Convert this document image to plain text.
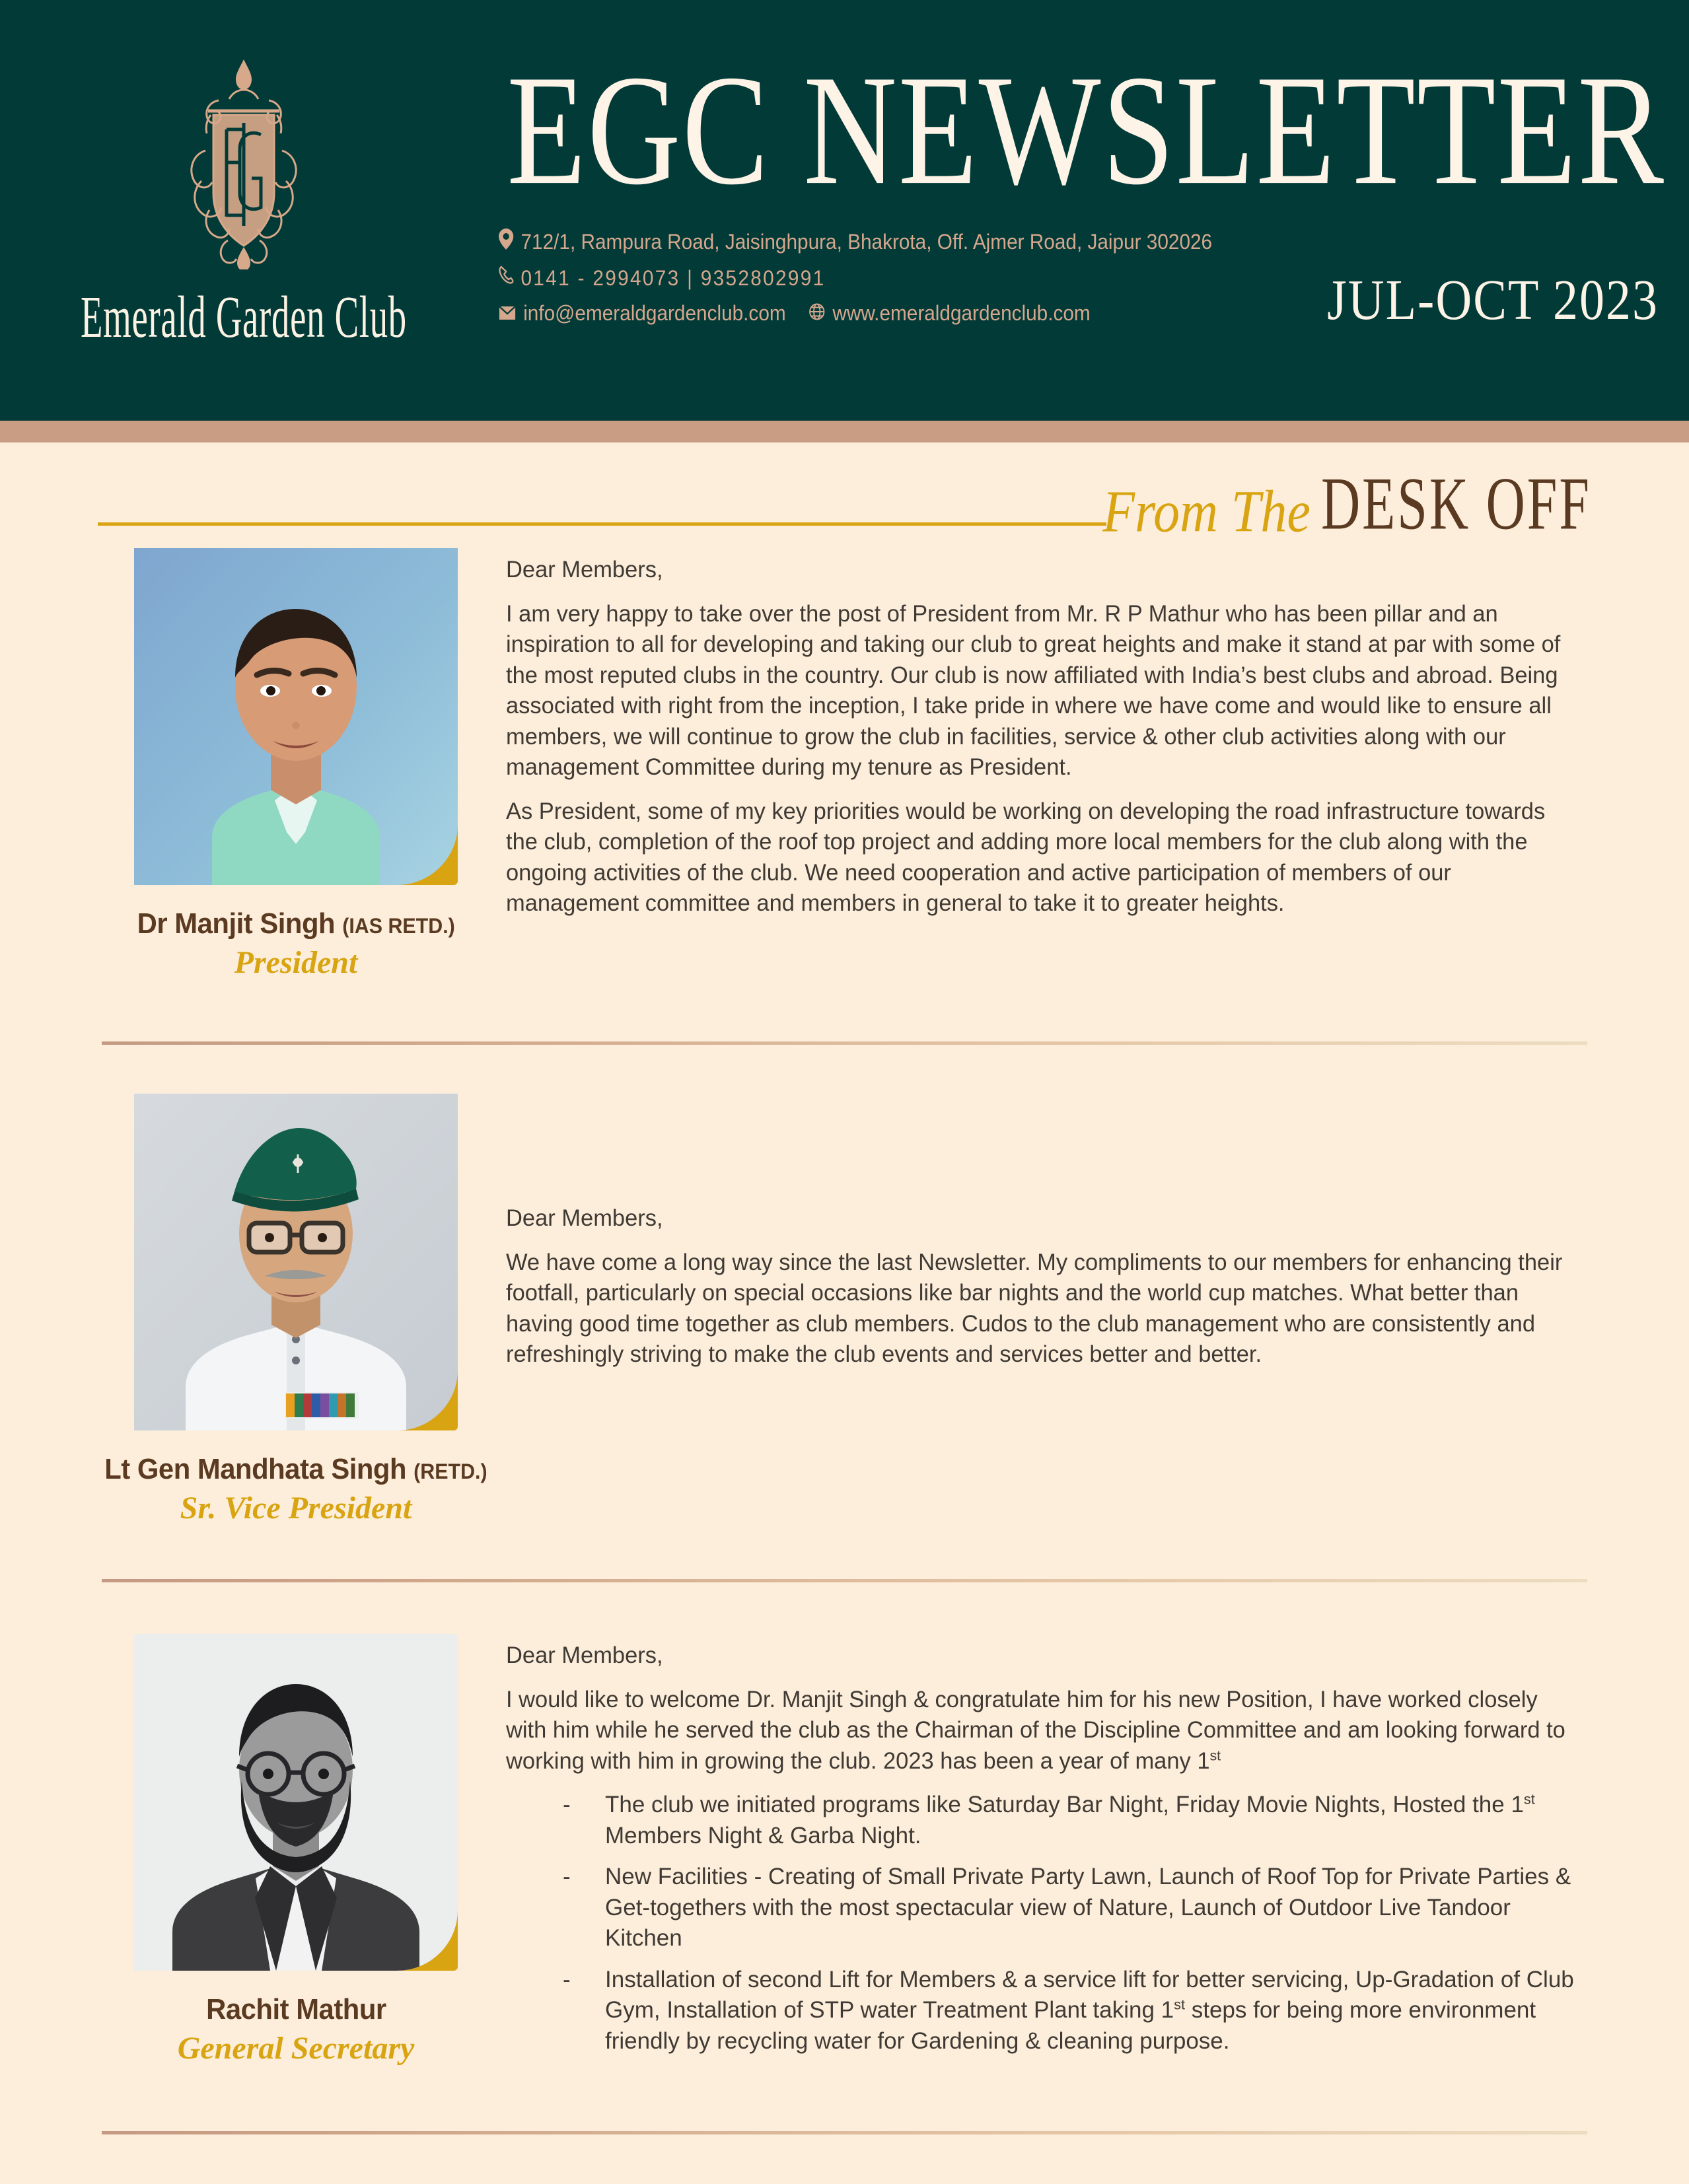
Emerald Garden Club
EGC NEWSLETTER
712/1, Rampura Road, Jaisinghpura, Bhakrota, Off. Ajmer Road, Jaipur 302026
0141 - 2994073 | 9352802991
info@emeraldgardenclub.com www.emeraldgardenclub.com	JUL-OCT 2023
From The DESK OFF
Dr Manjit Singh (IAS RETD.)
President

Dear Members,

I am very happy to take over the post of President from Mr. R P Mathur who has been pillar and an inspiration to all for developing and taking our club to great heights and make it stand at par with some of the most reputed clubs in the country. Our club is now affiliated with India’s best clubs and abroad. Being associated with right from the inception, I take pride in where we have come and would like to ensure all members, we will continue to grow the club in facilities, service & other club activities along with our management Committee during my tenure as President.

As President, some of my key priorities would be working on developing the road infrastructure towards the club, completion of the roof top project and adding more local members for the club along with the ongoing activities of the club. We need cooperation and active participation of members of our management committee and members in general to take it to greater heights.

Lt Gen Mandhata Singh (RETD.)
Sr. Vice President

Dear Members,

We have come a long way since the last Newsletter. My compliments to our members for enhancing their footfall, particularly on special occasions like bar nights and the world cup matches. What better than having good time together as club members. Cudos to the club management who are consistently and refreshingly striving to make the club events and services better and better.

Rachit Mathur
General Secretary

Dear Members,

I would like to welcome Dr. Manjit Singh & congratulate him for his new Position, I have worked closely with him while he served the club as the Chairman of the Discipline Committee and am looking forward to working with him in growing the club. 2023 has been a year of many 1st

- The club we initiated programs like Saturday Bar Night, Friday Movie Nights, Hosted the 1st Members Night & Garba Night.
- New Facilities - Creating of Small Private Party Lawn, Launch of Roof Top for Private Parties & Get-togethers with the most spectacular view of Nature, Launch of Outdoor Live Tandoor Kitchen
- Installation of second Lift for Members & a service lift for better servicing, Up-Gradation of Club Gym, Installation of STP water Treatment Plant taking 1st steps for being more environment friendly by recycling water for Gardening & cleaning purpose.
